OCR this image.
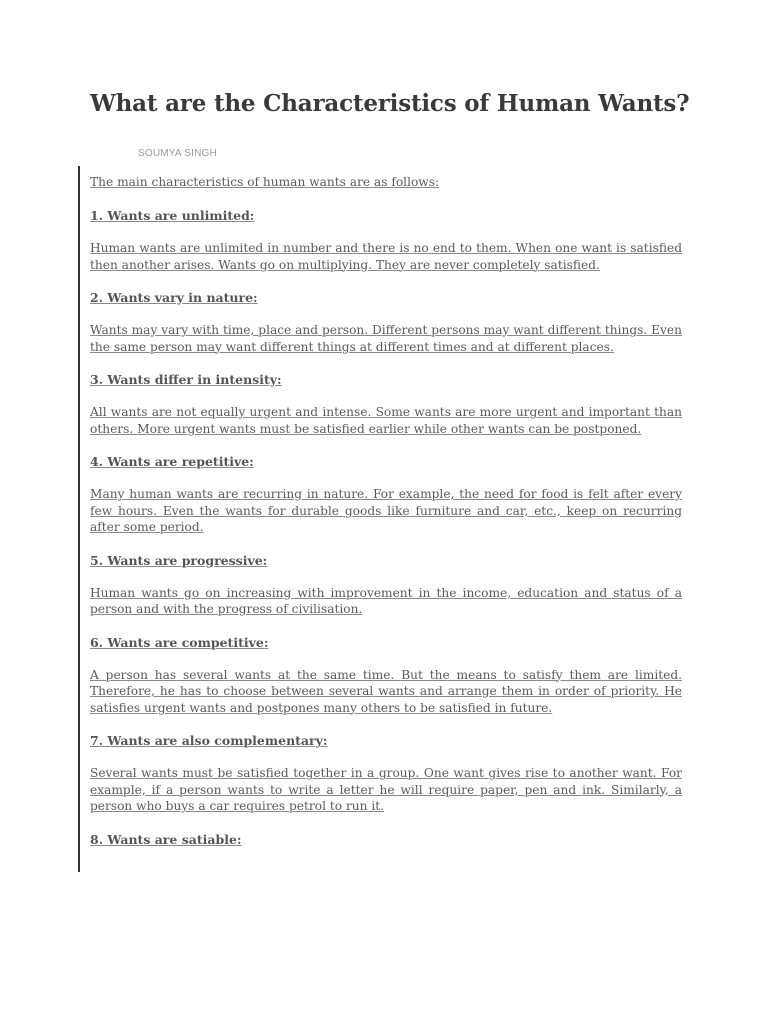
What are the Characteristics of Human Wants?
SOUMYA SINGH

The main characteristics of human wants are as follows:

1. Wants are unlimited:

Human wants are unlimited in number and there is no end to them. When one want is satisfied then another arises. Wants go on multiplying. They are never completely satisfied.

2. Wants vary in nature:

Wants may vary with time, place and person. Different persons may want different things. Even the same person may want different things at different times and at different places.

3. Wants differ in intensity:

All wants are not equally urgent and intense. Some wants are more urgent and important than others. More urgent wants must be satisfied earlier while other wants can be postponed.

4. Wants are repetitive:

Many human wants are recurring in nature. For example, the need for food is felt after every few hours. Even the wants for durable goods like furniture and car, etc., keep on recurring after some period.

5. Wants are progressive:

Human wants go on increasing with improvement in the income, education and status of a person and with the progress of civilisation.

6. Wants are competitive:

A person has several wants at the same time. But the means to satisfy them are limited. Therefore, he has to choose between several wants and arrange them in order of priority. He satisfies urgent wants and postpones many others to be satisfied in future.

7. Wants are also complementary:

Several wants must be satisfied together in a group. One want gives rise to another want. For example, if a person wants to write a letter he will require paper, pen and ink. Similarly, a person who buys a car requires petrol to run it.

8. Wants are satiable:
